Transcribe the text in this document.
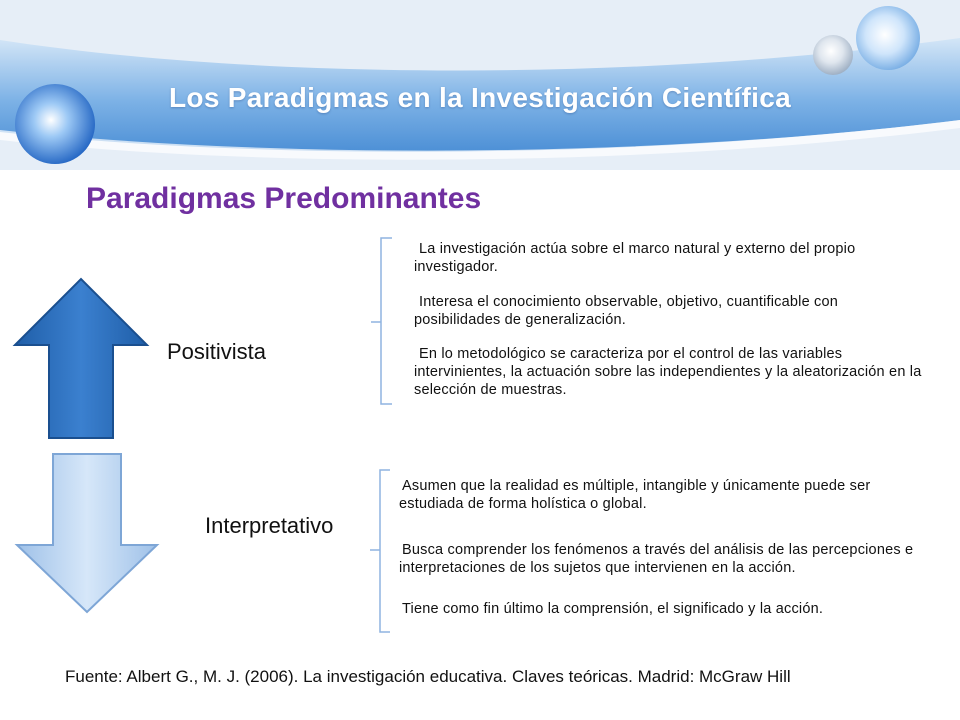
Los Paradigmas en la Investigación Científica
Paradigmas Predominantes
Positivista
Interpretativo
La investigación actúa sobre el marco natural y externo del propio investigador.
Interesa el conocimiento observable, objetivo, cuantificable con posibilidades de generalización.
En lo metodológico se caracteriza por el control de las variables intervinientes, la actuación sobre las independientes y la aleatorización en la selección de muestras.
Asumen que la realidad es múltiple, intangible y únicamente puede ser estudiada de forma holística o global.
Busca comprender los fenómenos a través del análisis de las percepciones e interpretaciones de los sujetos que intervienen en la acción.
Tiene como fin último la comprensión, el significado y la acción.
Fuente: Albert G., M. J. (2006). La investigación educativa. Claves teóricas. Madrid: McGraw Hill
